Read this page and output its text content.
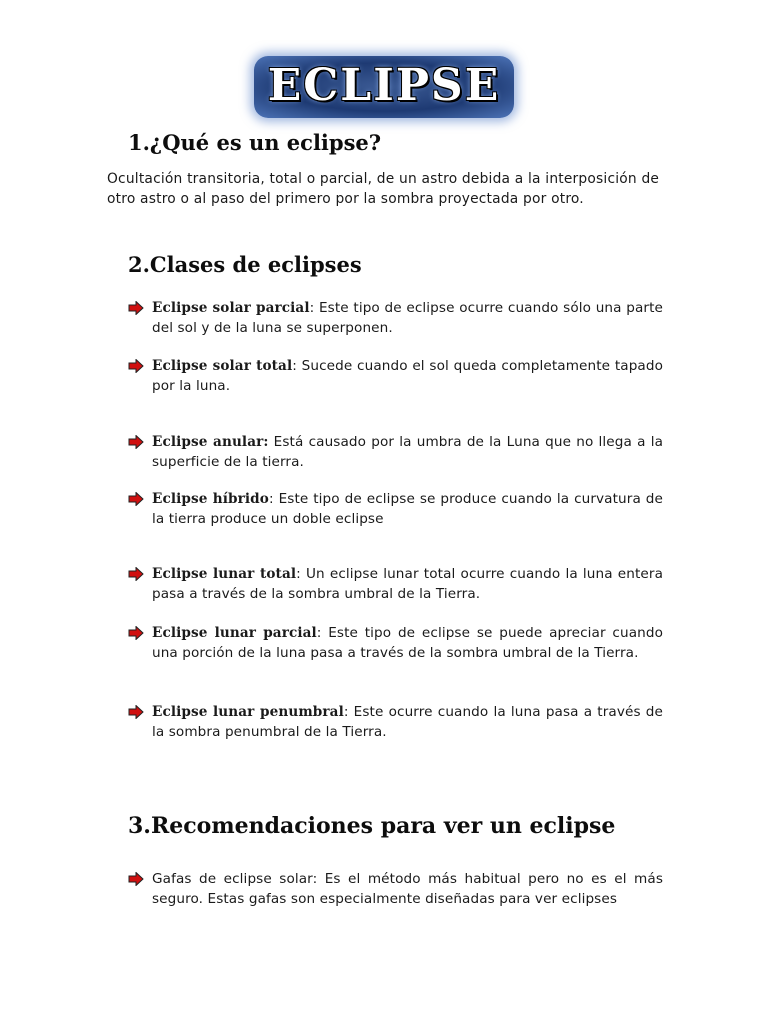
ECLIPSE
1.¿Qué es un eclipse?
Ocultación transitoria, total o parcial, de un astro debida a la interposición de otro astro o al paso del primero por la sombra proyectada por otro.
2.Clases de eclipses
Eclipse solar parcial: Este tipo de eclipse ocurre cuando sólo una parte del sol y de la luna se superponen.
Eclipse solar total: Sucede cuando el sol queda completamente tapado por la luna.
Eclipse anular: Está causado por la umbra de la Luna que no llega a la superficie de la tierra.
Eclipse híbrido: Este tipo de eclipse se produce cuando la curvatura de la tierra produce un doble eclipse
Eclipse lunar total: Un eclipse lunar total ocurre cuando la luna entera pasa a través de la sombra umbral de la Tierra.
Eclipse lunar parcial: Este tipo de eclipse se puede apreciar cuando una porción de la luna pasa a través de la sombra umbral de la Tierra.
Eclipse lunar penumbral: Este ocurre cuando la luna pasa a través de la sombra penumbral de la Tierra.
3.Recomendaciones para ver un eclipse
Gafas de eclipse solar: Es el método más habitual pero no es el más seguro. Estas gafas son especialmente diseñadas para ver eclipses
